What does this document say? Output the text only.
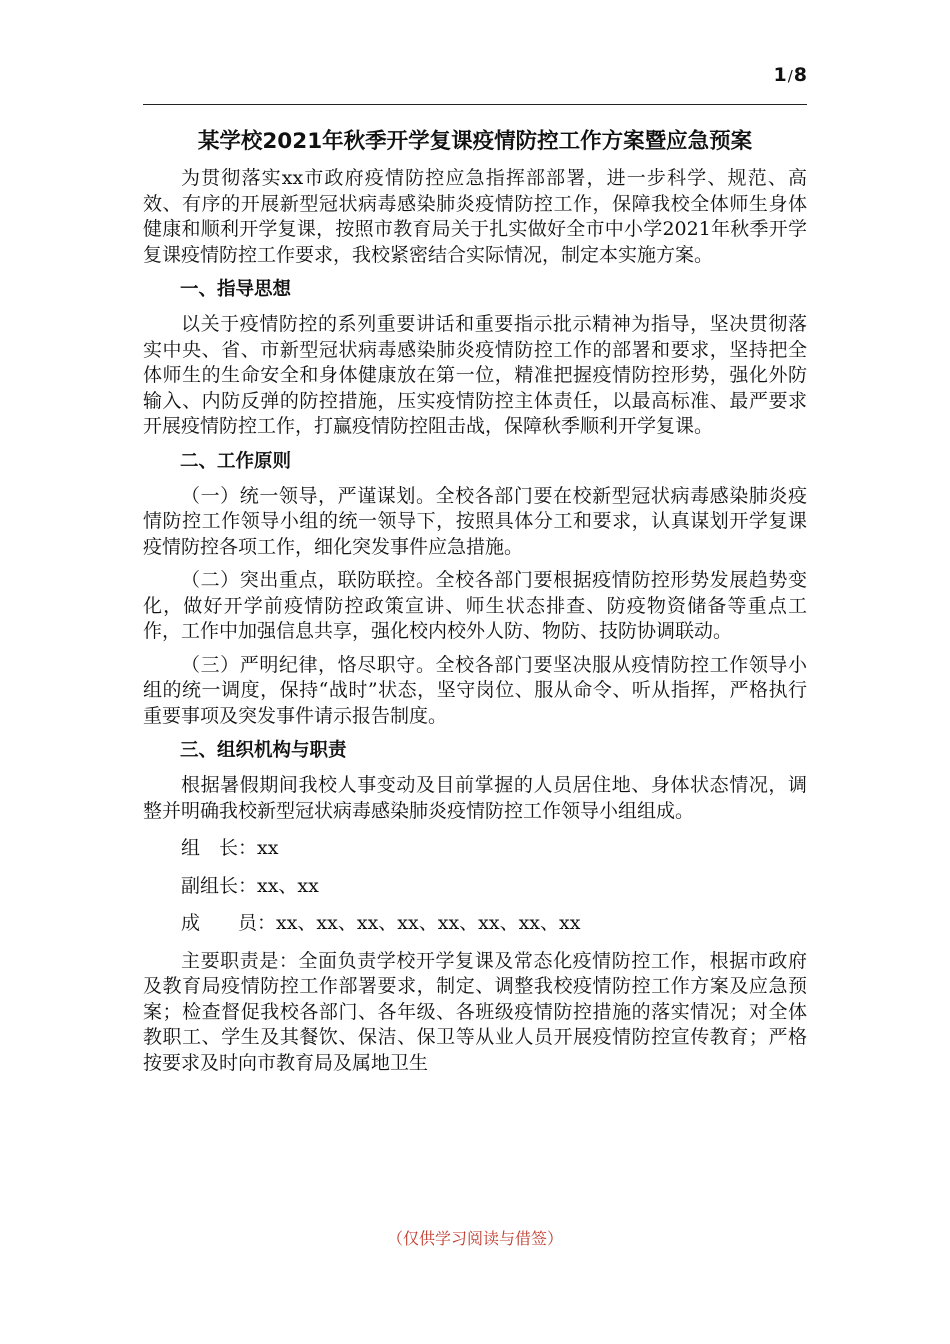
1/8
某学校2021年秋季开学复课疫情防控工作方案暨应急预案

为贯彻落实xx市政府疫情防控应急指挥部部署，进一步科学、规范、高效、有序的开展新型冠状病毒感染肺炎疫情防控工作，保障我校全体师生身体健康和顺利开学复课，按照市教育局关于扎实做好全市中小学2021年秋季开学复课疫情防控工作要求，我校紧密结合实际情况，制定本实施方案。

一、指导思想

以关于疫情防控的系列重要讲话和重要指示批示精神为指导，坚决贯彻落实中央、省、市新型冠状病毒感染肺炎疫情防控工作的部署和要求，坚持把全体师生的生命安全和身体健康放在第一位，精准把握疫情防控形势，强化外防输入、内防反弹的防控措施，压实疫情防控主体责任，以最高标准、最严要求开展疫情防控工作，打赢疫情防控阻击战，保障秋季顺利开学复课。

二、工作原则

（一）统一领导，严谨谋划。全校各部门要在校新型冠状病毒感染肺炎疫情防控工作领导小组的统一领导下，按照具体分工和要求，认真谋划开学复课疫情防控各项工作，细化突发事件应急措施。

（二）突出重点，联防联控。全校各部门要根据疫情防控形势发展趋势变化，做好开学前疫情防控政策宣讲、师生状态排查、防疫物资储备等重点工作，工作中加强信息共享，强化校内校外人防、物防、技防协调联动。

（三）严明纪律，恪尽职守。全校各部门要坚决服从疫情防控工作领导小组的统一调度，保持“战时”状态，坚守岗位、服从命令、听从指挥，严格执行重要事项及突发事件请示报告制度。

三、组织机构与职责

根据暑假期间我校人事变动及目前掌握的人员居住地、身体状态情况，调整并明确我校新型冠状病毒感染肺炎疫情防控工作领导小组组成。

组　长：xx
副组长：xx、xx
成　　员：xx、xx、xx、xx、xx、xx、xx、xx

主要职责是：全面负责学校开学复课及常态化疫情防控工作，根据市政府及教育局疫情防控工作部署要求，制定、调整我校疫情防控工作方案及应急预案；检查督促我校各部门、各年级、各班级疫情防控措施的落实情况；对全体教职工、学生及其餐饮、保洁、保卫等从业人员开展疫情防控宣传教育；严格按要求及时向市教育局及属地卫生

（仅供学习阅读与借签）
